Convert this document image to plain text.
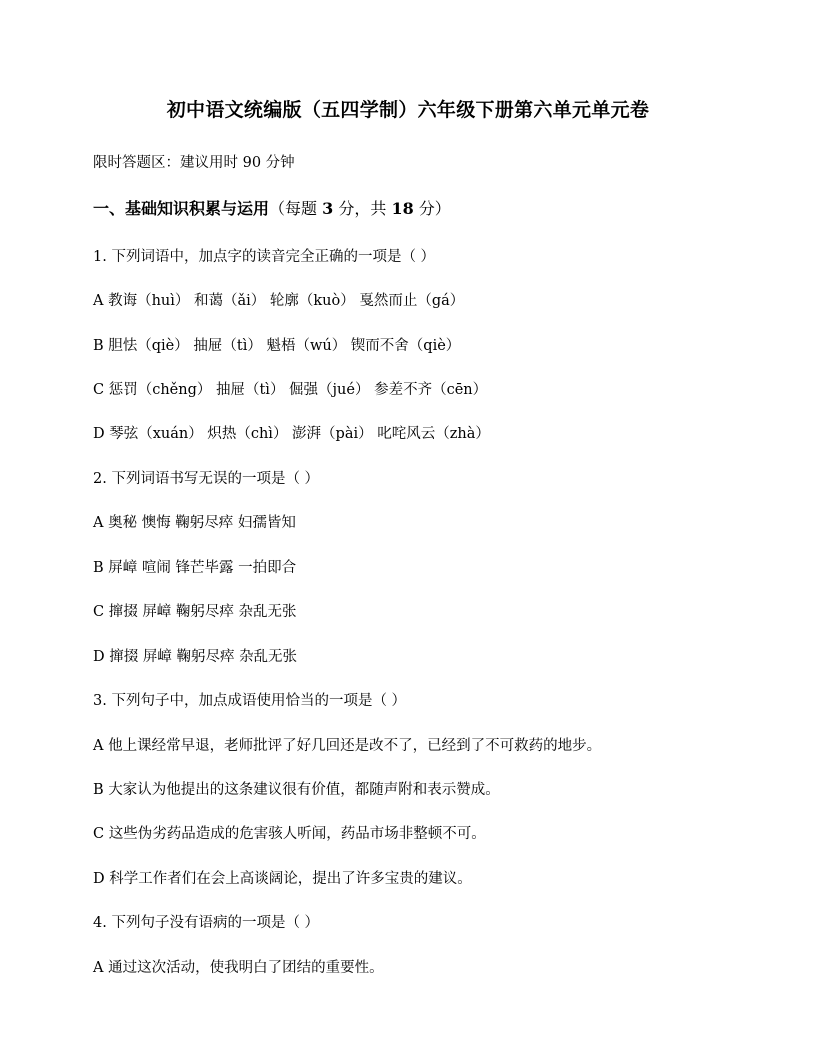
初中语文统编版（五四学制）六年级下册第六单元单元卷
限时答题区：建议用时 90 分钟
一、基础知识积累与运用（每题 3 分，共 18 分）
1. 下列词语中，加点字的读音完全正确的一项是（ ）
A 教诲（huì） 和蔼（ǎi） 轮廓（kuò） 戛然而止（gá）
B 胆怯（qiè） 抽屉（tì） 魁梧（wú） 锲而不舍（qiè）
C 惩罚（chěng） 抽屉（tì） 倔强（jué） 参差不齐（cēn）
D 琴弦（xuán） 炽热（chì） 澎湃（pài） 叱咤风云（zhà）
2. 下列词语书写无误的一项是（ ）
A 奥秘 懊悔 鞠躬尽瘁 妇孺皆知
B 屏嶂 喧闹 锋芒毕露 一拍即合
C 撺掇 屏嶂 鞠躬尽瘁 杂乱无张
D 撺掇 屏嶂 鞠躬尽瘁 杂乱无张
3. 下列句子中，加点成语使用恰当的一项是（ ）
A 他上课经常早退，老师批评了好几回还是改不了，已经到了不可救药的地步。
B 大家认为他提出的这条建议很有价值，都随声附和表示赞成。
C 这些伪劣药品造成的危害骇人听闻，药品市场非整顿不可。
D 科学工作者们在会上高谈阔论，提出了许多宝贵的建议。
4. 下列句子没有语病的一项是（ ）
A 通过这次活动，使我明白了团结的重要性。
